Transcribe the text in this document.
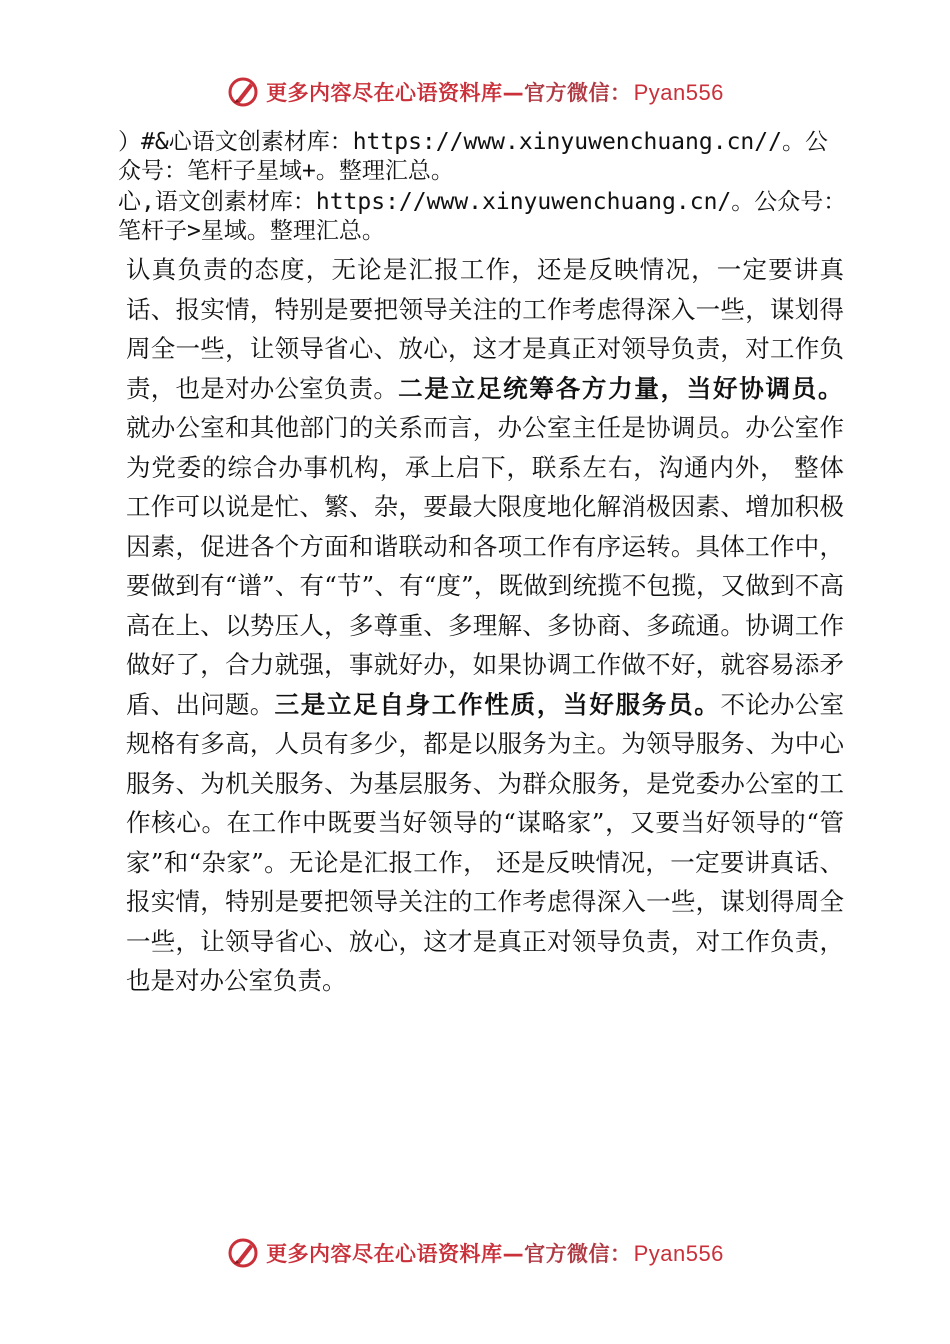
更多内容尽在心语资料库—官方微信：Pyan556
）#&心语文创素材库：https://www.xinyuwenchuang.cn//。公众号：笔杆子星域+。整理汇总。
心,语文创素材库：https://www.xinyuwenchuang.cn/。公众号：笔杆子>星域。整理汇总。
认真负责的态度，无论是汇报工作，还是反映情况，一定要讲真话、报实情，特别是要把领导关注的工作考虑得深入一些，谋划得周全一些，让领导省心、放心，这才是真正对领导负责，对工作负责，也是对办公室负责。二是立足统筹各方力量，当好协调员。就办公室和其他部门的关系而言，办公室主任是协调员。办公室作为党委的综合办事机构，承上启下，联系左右，沟通内外， 整体工作可以说是忙、繁、杂，要最大限度地化解消极因素、增加积极因素，促进各个方面和谐联动和各项工作有序运转。具体工作中，要做到有“谱”、有“节”、有“度”，既做到统揽不包揽，又做到不高高在上、以势压人，多尊重、多理解、多协商、多疏通。协调工作做好了，合力就强，事就好办，如果协调工作做不好，就容易添矛盾、出问题。三是立足自身工作性质，当好服务员。不论办公室规格有多高，人员有多少，都是以服务为主。为领导服务、为中心服务、为机关服务、为基层服务、为群众服务，是党委办公室的工作核心。在工作中既要当好领导的“谋略家”，又要当好领导的“管家”和“杂家”。无论是汇报工作， 还是反映情况，一定要讲真话、报实情，特别是要把领导关注的工作考虑得深入一些，谋划得周全一些，让领导省心、放心，这才是真正对领导负责，对工作负责，也是对办公室负责。
更多内容尽在心语资料库—官方微信：Pyan556
